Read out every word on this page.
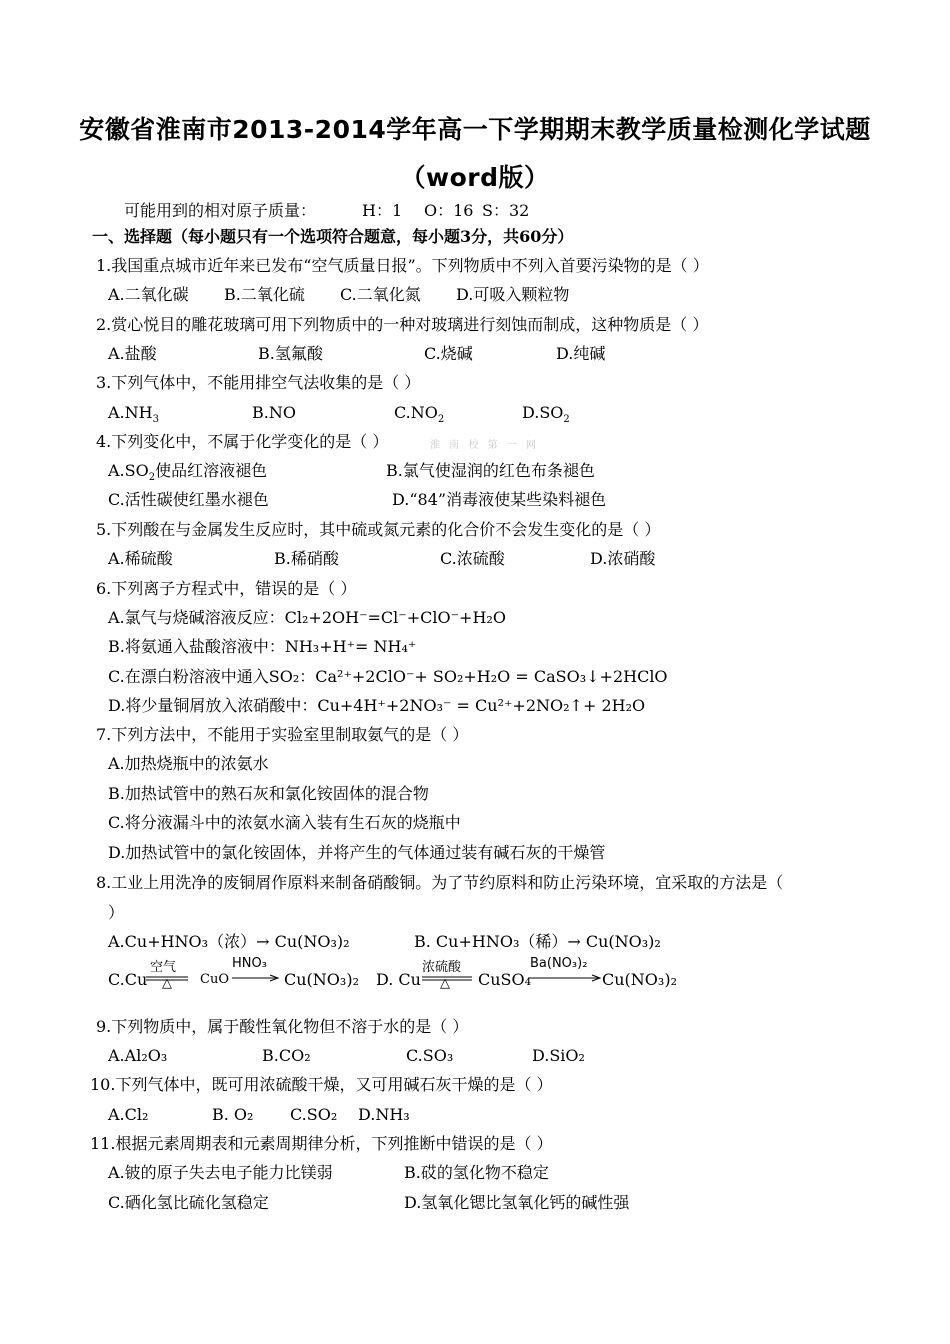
安徽省淮南市2013-2014学年高一下学期期末教学质量检测化学试题
（word版）
可能用到的相对原子质量：	H：1 O：16 S：32
一、选择题（每小题只有一个选项符合题意，每小题3分，共60分）
淮 南 校 第 一 网
1.我国重点城市近年来已发布“空气质量日报”。下列物质中不列入首要污染物的是（ ）
A.二氧化碳 B.二氧化硫 C.二氧化氮 D.可吸入颗粒物
2.赏心悦目的雕花玻璃可用下列物质中的一种对玻璃进行刻蚀而制成，这种物质是（ ）
A.盐酸	B.氢氟酸	C.烧碱	D.纯碱
3.下列气体中，不能用排空气法收集的是（ ）
$A.NH_3$	B.NO	$C.NO_2$	$D.SO_2$
4.下列变化中，不属于化学变化的是（ ）
$A.SO_2$使品红溶液褪色	B.氯气使湿润的红色布条褪色
C.活性碳使红墨水褪色	D.“84”消毒液使某些染料褪色
5.下列酸在与金属发生反应时，其中硫或氮元素的化合价不会发生变化的是（ ）
A.稀硫酸	B.稀硝酸	C.浓硫酸	D.浓硝酸
6.下列离子方程式中，错误的是（ ）
A.氯气与烧碱溶液反应：Cl₂+2OH⁻=Cl⁻+ClO⁻+H₂O
B.将氨通入盐酸溶液中：NH₃+H⁺= NH₄⁺
C.在漂白粉溶液中通入SO₂：Ca²⁺+2ClO⁻+ SO₂+H₂O = CaSO₃↓+2HClO
D.将少量铜屑放入浓硝酸中：Cu+4H⁺+2NO₃⁻ = Cu²⁺+2NO₂↑+ 2H₂O
7.下列方法中，不能用于实验室里制取氨气的是（ ）
A.加热烧瓶中的浓氨水
B.加热试管中的熟石灰和氯化铵固体的混合物
C.将分液漏斗中的浓氨水滴入装有生石灰的烧瓶中
D.加热试管中的氯化铵固体，并将产生的气体通过装有碱石灰的干燥管
8.工业上用洗净的废铜屑作原料来制备硝酸铜。为了节约原料和防止污染环境，宜采取的方法是（
）
A.Cu+HNO₃（浓）→ Cu(NO₃)₂	B. Cu+HNO₃（稀）→ Cu(NO₃)₂
C.Cu
空气
△ CuO
HNO₃
Cu(NO₃)₂ D. Cu
浓硫酸
△ CuSO₄
Ba(NO₃)₂
Cu(NO₃)₂
9.下列物质中，属于酸性氧化物但不溶于水的是（ ）
A.Al₂O₃	B.CO₂	C.SO₃	D.SiO₂
10.下列气体中，既可用浓硫酸干燥，又可用碱石灰干燥的是（ ）
A.Cl₂	B. O₂ C.SO₂ D.NH₃
11.根据元素周期表和元素周期律分析，下列推断中错误的是（ ）
A.铍的原子失去电子能力比镁弱	B.砹的氢化物不稳定
C.硒化氢比硫化氢稳定	D.氢氧化锶比氢氧化钙的碱性强
